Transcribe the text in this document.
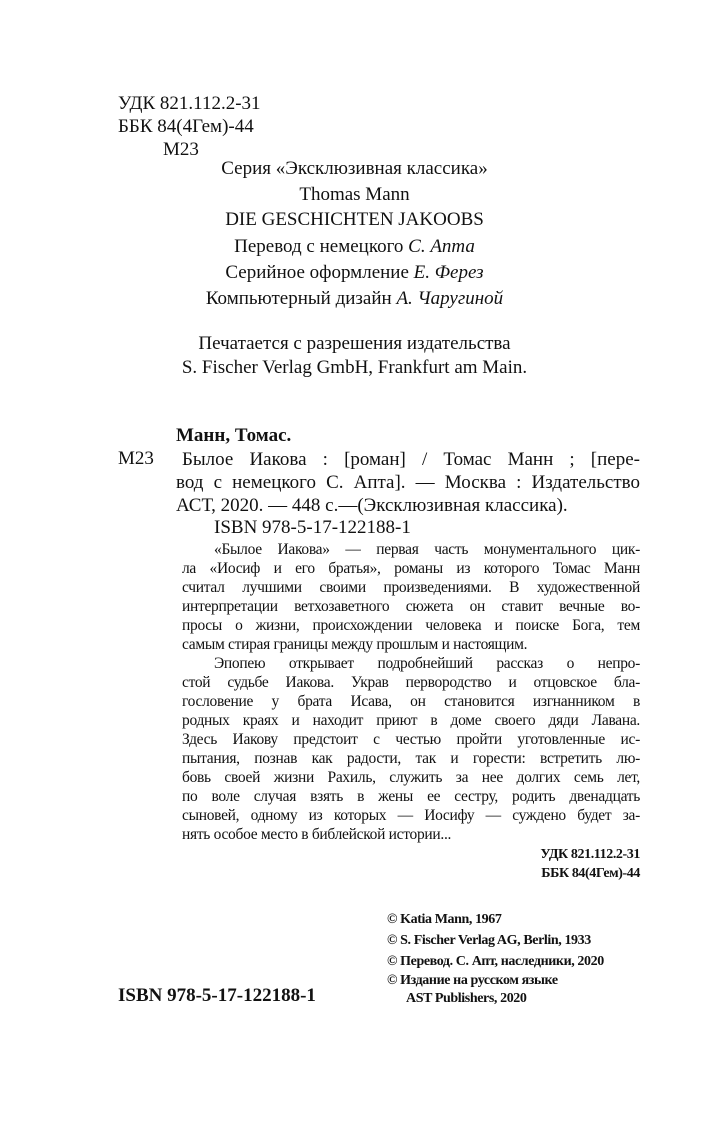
УДК 821.112.2-31
ББК 84(4Гем)-44
М23
Серия «Эксклюзивная классика»
Thomas Mann
DIE GESCHICHTEN JAKOOBS
Перевод с немецкого С. Апта
Серийное оформление Е. Ферез
Компьютерный дизайн А. Чаругиной
Печатается с разрешения издательства
S. Fischer Verlag GmbH, Frankfurt am Main.
Манн, Томас.
М23 Былое Иакова : [роман] / Томас Манн ; [пере-
вод с немецкого С. Апта]. — Москва : Издательство
АСТ, 2020. — 448 с.—(Эксклюзивная классика).
ISBN 978-5-17-122188-1

«Былое Иакова» — первая часть монументального цик-

ла «Иосиф и его братья», романы из которого Томас Манн

считал лучшими своими произведениями. В художественной

интерпретации ветхозаветного сюжета он ставит вечные во-

просы о жизни, происхождении человека и поиске Бога, тем

самым стирая границы между прошлым и настоящим.

Эпопею открывает подробнейший рассказ о непро-

стой судьбе Иакова. Украв первородство и отцовское бла-

гословение у брата Исава, он становится изгнанником в

родных краях и находит приют в доме своего дяди Лавана.

Здесь Иакову предстоит с честью пройти уготовленные ис-

пытания, познав как радости, так и горести: встретить лю-

бовь своей жизни Рахиль, служить за нее долгих семь лет,

по воле случая взять в жены ее сестру, родить двенадцать

сыновей, одному из которых — Иосифу — суждено будет за-

нять особое место в библейской истории...

УДК 821.112.2-31
ББК 84(4Гем)-44
© Katia Mann, 1967
© S. Fischer Verlag AG, Berlin, 1933
© Перевод. С. Апт, наследники, 2020
© Издание на русском языке
AST Publishers, 2020
ISBN 978-5-17-122188-1
